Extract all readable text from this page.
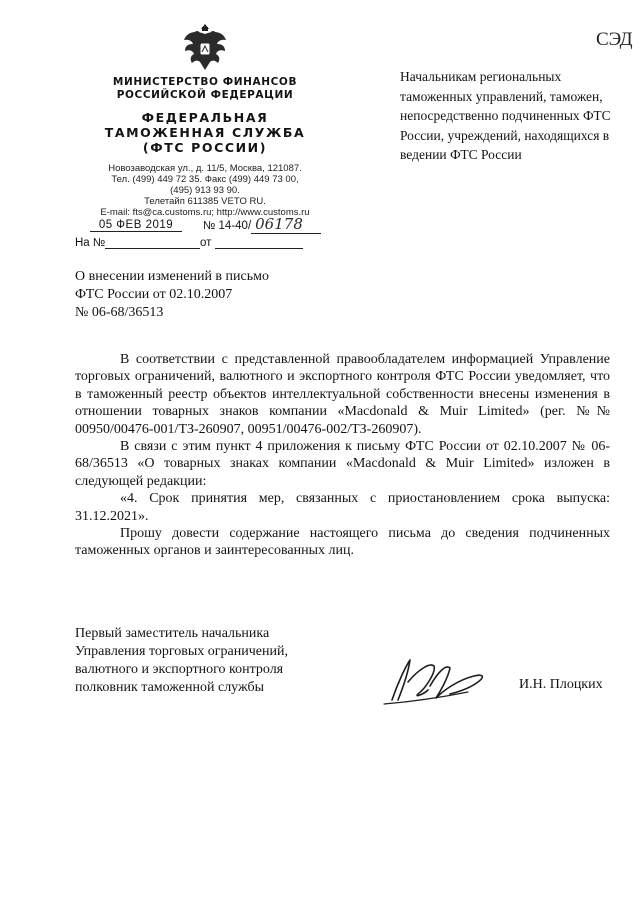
СЭД
МИНИСТЕРСТВО ФИНАНСОВ
РОССИЙСКОЙ ФЕДЕРАЦИИ
ФЕДЕРАЛЬНАЯ
ТАМОЖЕННАЯ СЛУЖБА
(ФТС РОССИИ)
Новозаводская ул., д. 11/5, Москва, 121087.
Тел. (499) 449 72 35. Факс (499) 449 73 00,
(495) 913 93 90.
Телетайп 611385 VETO RU.
E-mail: fts@ca.customs.ru; http://www.customs.ru
Начальникам региональных таможенных управлений, таможен, непосредственно подчиненных ФТС России, учреждений, находящихся в ведении ФТС России
05 ФЕВ 2019	№ 14-40/ 06178
На №	от
О внесении изменений в письмо
ФТС России от 02.10.2007
№ 06-68/36513

В соответствии с представленной правообладателем информацией Управление торговых ограничений, валютного и экспортного контроля ФТС России уведомляет, что в таможенный реестр объектов интеллектуальной собственности внесены изменения в отношении товарных знаков компании «Macdonald & Muir Limited» (рег. №№ 00950/00476-001/ТЗ-260907, 00951/00476-002/ТЗ-260907).

В связи с этим пункт 4 приложения к письму ФТС России от 02.10.2007 № 06-68/36513 «О товарных знаках компании «Macdonald & Muir Limited» изложен в следующей редакции:

«4. Срок принятия мер, связанных с приостановлением срока выпуска: 31.12.2021».

Прошу довести содержание настоящего письма до сведения подчиненных таможенных органов и заинтересованных лиц.

Первый заместитель начальника
Управления торговых ограничений,
валютного и экспортного контроля
полковник таможенной службы	И.Н. Плоцких
